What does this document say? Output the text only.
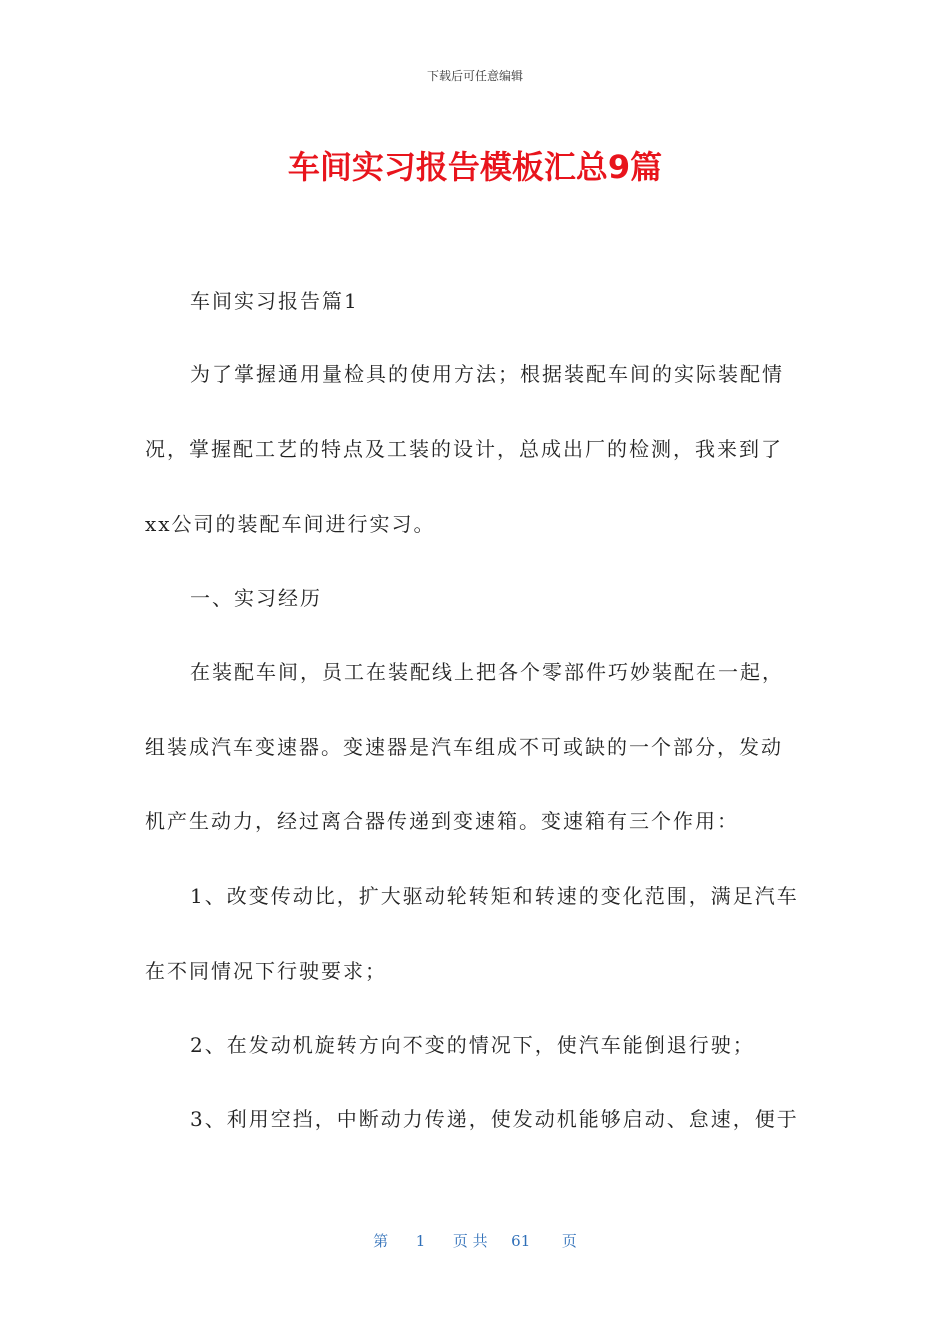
下载后可任意编辑
车间实习报告模板汇总9篇
车间实习报告篇1
为了掌握通用量检具的使用方法；根据装配车间的实际装配情
况，掌握配工艺的特点及工装的设计，总成出厂的检测，我来到了
xx公司的装配车间进行实习。
一、实习经历
在装配车间，员工在装配线上把各个零部件巧妙装配在一起，
组装成汽车变速器。变速器是汽车组成不可或缺的一个部分，发动
机产生动力，经过离合器传递到变速箱。变速箱有三个作用：
1、改变传动比，扩大驱动轮转矩和转速的变化范围，满足汽车
在不同情况下行驶要求；
2、在发动机旋转方向不变的情况下，使汽车能倒退行驶；
3、利用空挡，中断动力传递，使发动机能够启动、怠速，便于
第 1 页 共 61 页
